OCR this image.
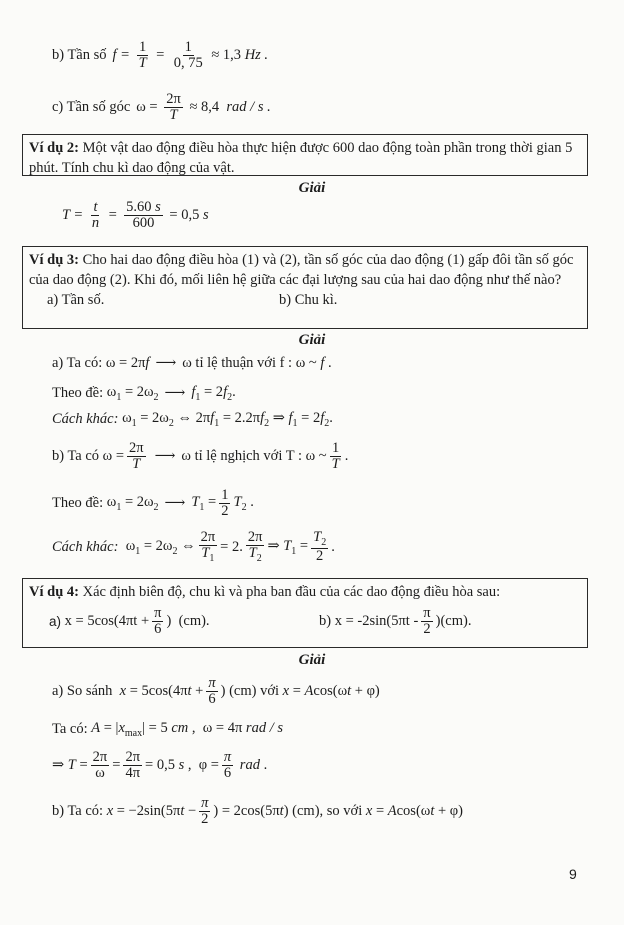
b) Tần số $f = \frac{1}{T} = \frac{1}{0, 75} \approx 1,3$ Hz .
c) Tần số góc $\omega = \frac{2\pi}{T} \approx 8,4$  rad / s .

Ví dụ 2: Một vật dao động điều hòa thực hiện được 600 dao động toàn phần trong thời gian 5 phút. Tính chu kì dao động của vật.

Giải
$T = \frac{t}{n} = \frac{5.60 s}{600} = 0,5$ s

Ví dụ 3: Cho hai dao động điều hòa (1) và (2), tần số góc của dao động (1) gấp đôi tần số góc của dao động (2). Khi đó, mối liên hệ giữa các đại lượng sau của hai dao động như thế nào?

a) Tần số.	b) Chu kì.

Giải
a) Ta có:
ω = 2πf ⟶ ω tỉ lệ thuận với f :
ω ~ f .
Theo đề:
$\omega_1 = 2\omega_2$ ⟶ $f_1 = 2f_2$.
Cách khác:
$\omega_1 = 2\omega_2$ ⇔ $2\pi f_1 = 2.2\pi f_2$ ⇒ $f_1 = 2f_2$.
b) Ta có
$\omega = \frac{2\pi}{T}$ ⟶ ω tỉ lệ nghịch với T :
ω ~ $\frac{1}{T}$ .
Theo đề:
$\omega_1 = 2\omega_2$ ⟶ $T_1 = \frac{1}{2} T_2$ .
Cách khác:
$\omega_1 = 2\omega_2$ ⇔ $\frac{2\pi}{T_1} = 2$. $\frac{2\pi}{T_2}$ ⇒ $T_1 = \frac{T_2}{2}$ .

Ví dụ 4: Xác định biên độ, chu kì và pha ban đầu của các dao động điều hòa sau:

a)
$x = 5\cos(4\pi t + \frac{\pi}{6}$ ) (cm).	b)
$x = -2\sin(5\pi t - \frac{\pi}{2}$ ) (cm).
Giải
a) So sánh
$x = 5\cos(4\pi t + \frac{\pi}{6}$ ) (cm)
với
x = Acos(ωt + φ)
Ta có:
$A = |x_{max}| = 5$ cm ,  ω = 4π rad / s
⇒ $T = \frac{2\pi}{\omega} = \frac{2\pi}{4\pi} = 0,5$ s ,  $\varphi = \frac{\pi}{6}$ rad .
b) Ta có:
$x = -2\sin(5\pi t - \frac{\pi}{2}$ ) = 2cos(5πt) (cm), so với
x = Acos(ωt + φ)
9
